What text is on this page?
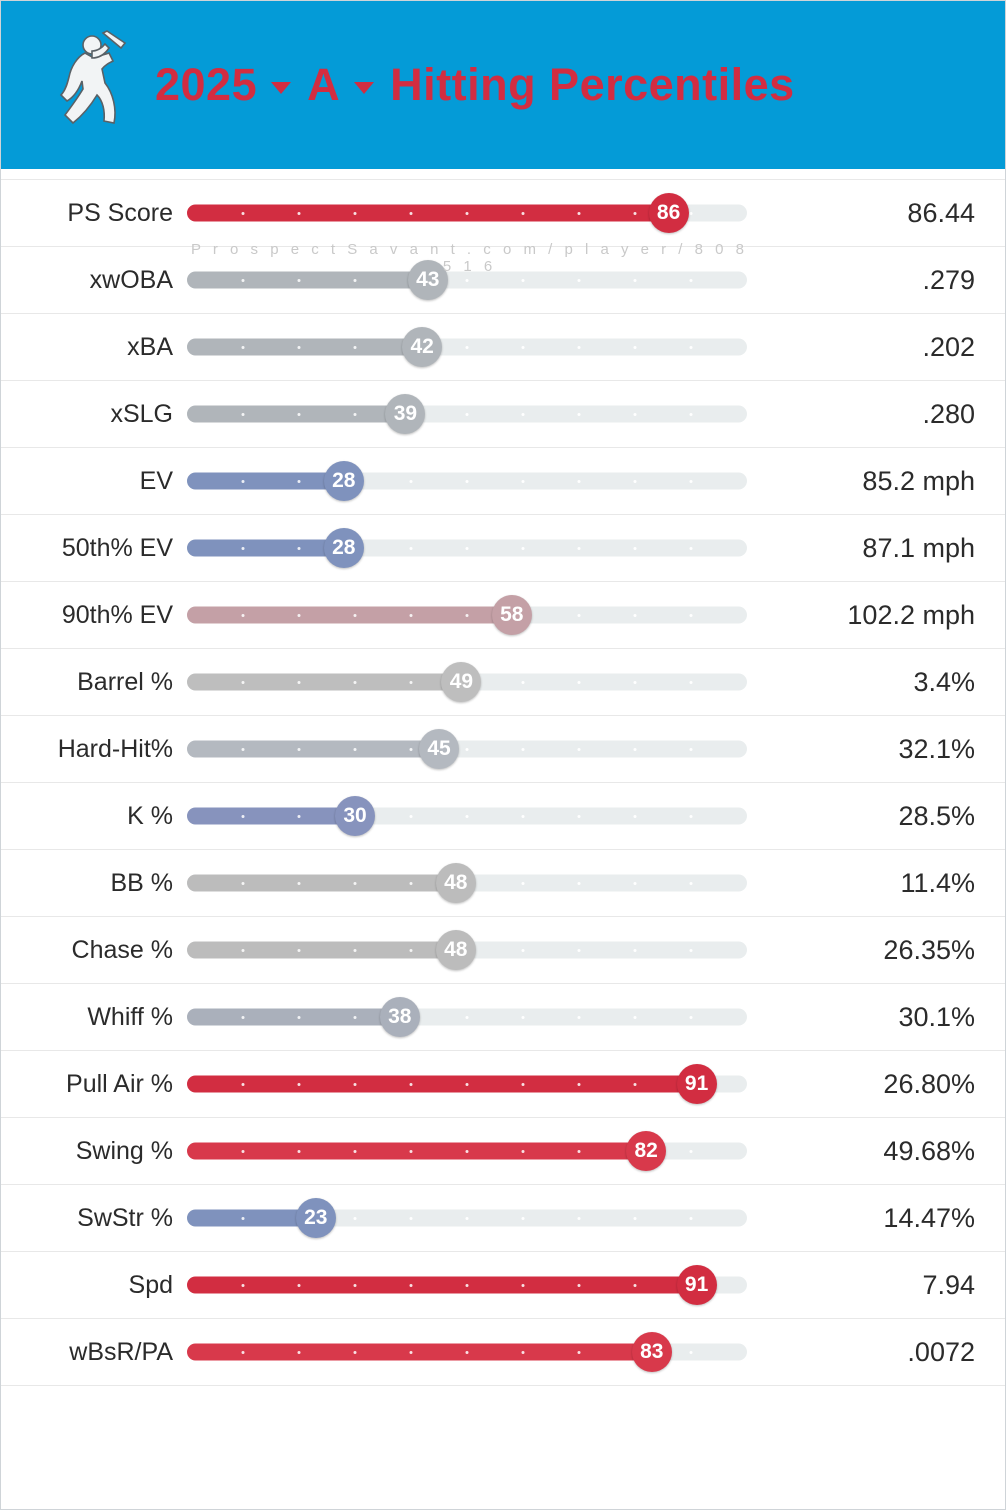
2025 A Hitting Percentiles
PS Score	86	86.44
xwOBA	43	.279
xBA	42	.202
xSLG	39	.280
EV	28	85.2 mph
50th% EV	28	87.1 mph
90th% EV	58	102.2 mph
Barrel %	49	3.4%
Hard-Hit%	45	32.1%
K %	30	28.5%
BB %	48	11.4%
Chase %	48	26.35%
Whiff %	38	30.1%
Pull Air %	91	26.80%
Swing %	82	49.68%
SwStr %	23	14.47%
Spd	91	7.94
wBsR/PA	83	.0072
P r o s p e c t S a v a n t . c o m / p l a y e r / 8 0 8 5 1 6
